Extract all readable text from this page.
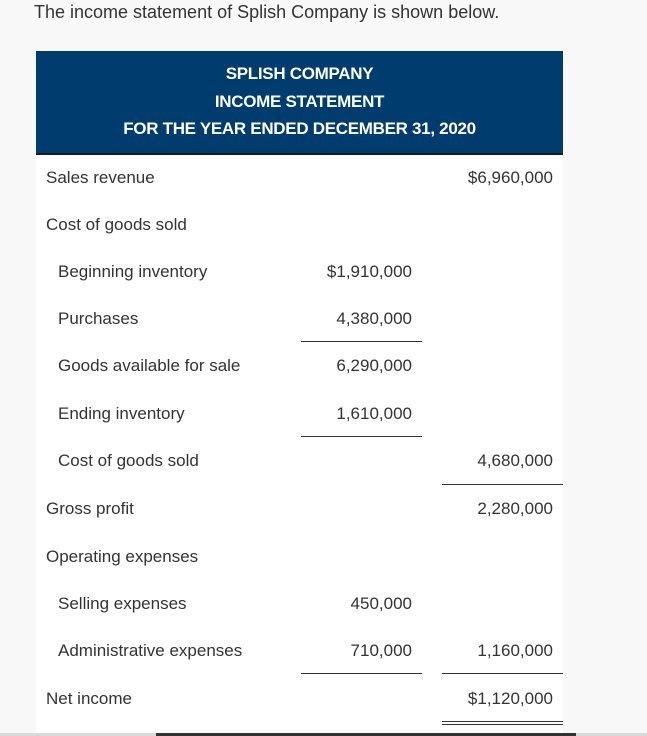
The income statement of Splish Company is shown below.
SPLISH COMPANY
INCOME STATEMENT
FOR THE YEAR ENDED DECEMBER 31, 2020
Sales revenue	$6,960,000
Cost of goods sold
Beginning inventory	$1,910,000
Purchases	4,380,000
Goods available for sale	6,290,000
Ending inventory	1,610,000
Cost of goods sold	4,680,000
Gross profit	2,280,000
Operating expenses
Selling expenses	450,000
Administrative expenses	710,000	1,160,000
Net income	$1,120,000
